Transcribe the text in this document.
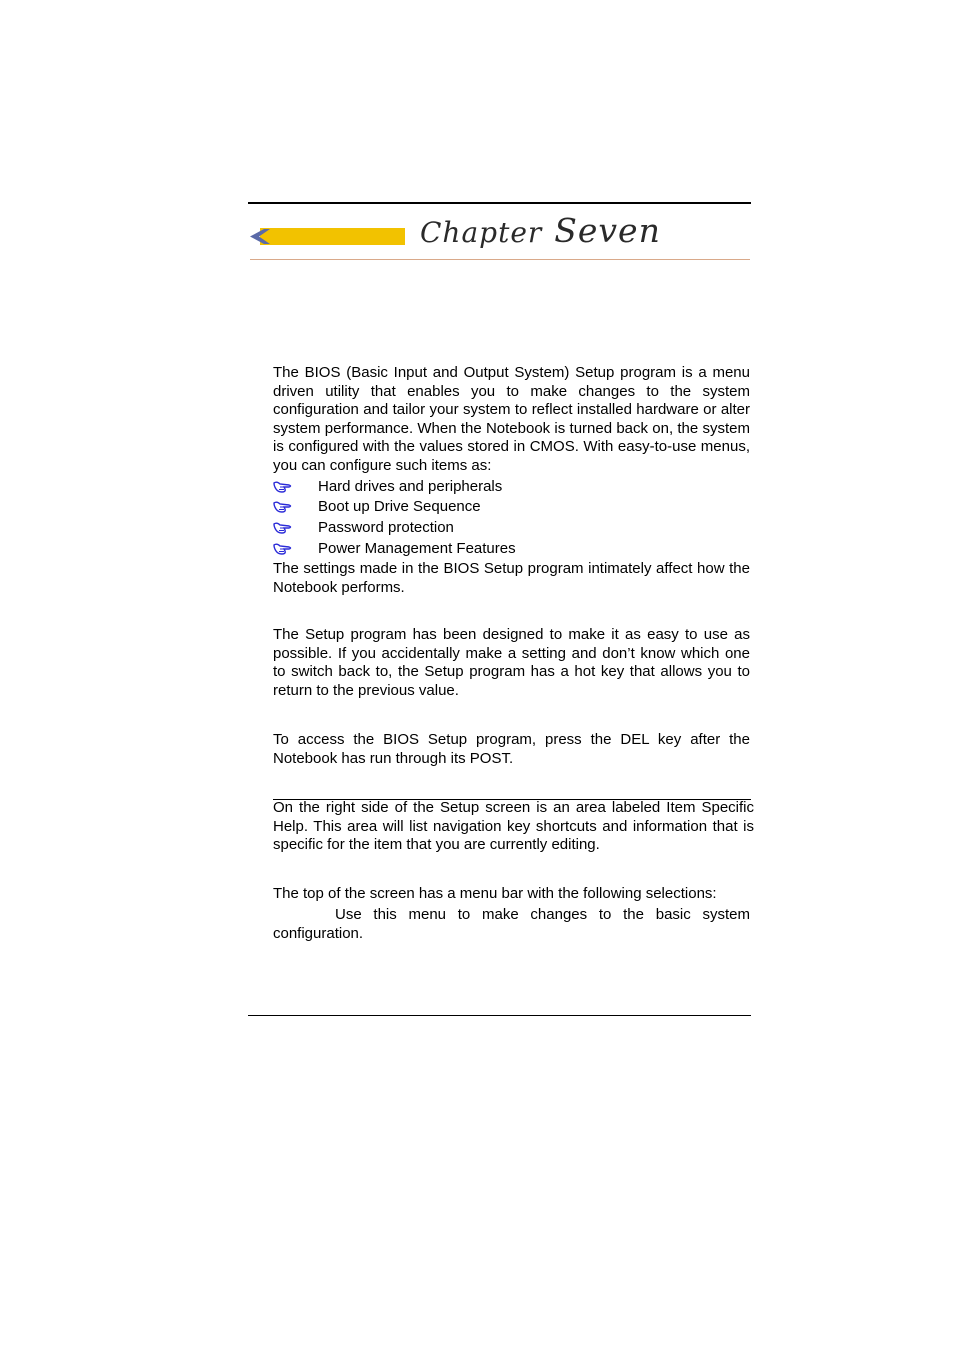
Chapter Seven

The BIOS (Basic Input and Output System) Setup program is a menu driven utility that enables you to make changes to the system configuration and tailor your system to reflect installed hardware or alter system performance. When the Notebook is turned back on, the system is configured with the values stored in CMOS. With easy-to-use menus, you can configure such items as:

Hard drives and peripherals
Boot up Drive Sequence
Password protection
Power Management Features

The settings made in the BIOS Setup program intimately affect how the Notebook performs.

The Setup program has been designed to make it as easy to use as possible. If you accidentally make a setting and don’t know which one to switch back to, the Setup program has a hot key that allows you to return to the previous value.

To access the BIOS Setup program, press the DEL key after the Notebook has run through its POST.

On the right side of the Setup screen is an area labeled Item Specific Help. This area will list navigation key shortcuts and information that is specific for the item that you are currently editing.

The top of the screen has a menu bar with the following selections:

Use this menu to make changes to the basic system configuration.
